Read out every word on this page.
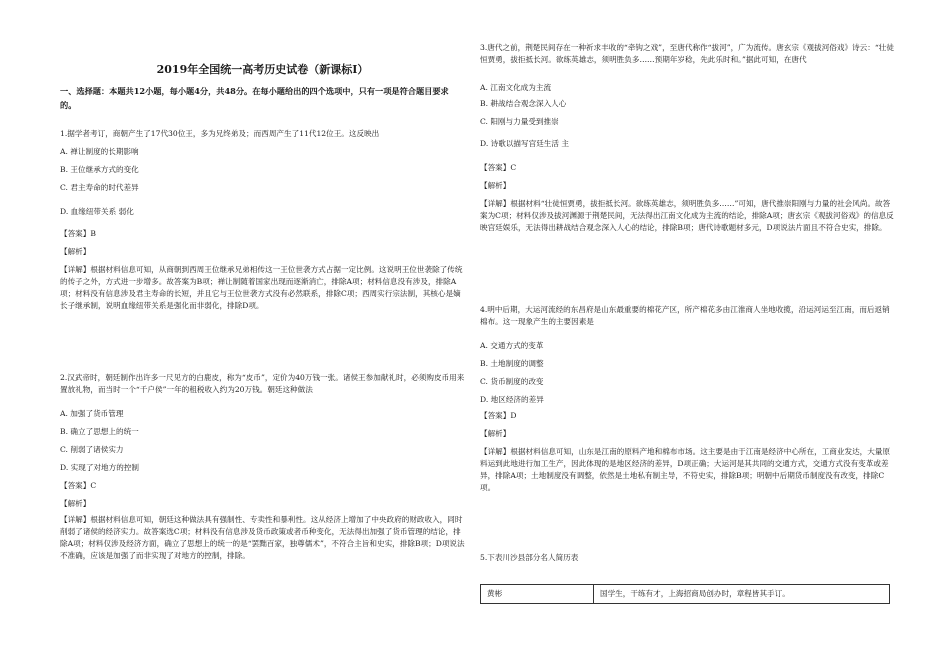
2019年全国统一高考历史试卷（新课标Ⅰ）

一、选择题：本题共12小题，每小题4分，共48分。在每小题给出的四个选项中，只有一项是符合题目要求的。

1.据学者考订，商朝产生了17代30位王，多为兄终弟及；而西周产生了11代12位王。这反映出

A. 禅让制度的长期影响

B. 王位继承方式的变化

C. 君主寿命的时代差异

D. 血缘纽带关系 弱化

【答案】B

【解析】

【详解】根据材料信息可知，从商朝到西周王位继承兄弟相传这一王位世袭方式占据一定比例。这说明王位世袭除了传统的传子之外，方式进一步增多。故答案为B项；禅让制随着国家出现而逐渐消亡，排除A项；材料信息没有涉及，排除A项；材料没有信息涉及君主寿命的长短，并且它与王位世袭方式没有必然联系，排除C项；西周实行宗法制，其核心是嫡长子继承制，说明血缘纽带关系是强化而非弱化，排除D项。

2.汉武帝时，朝廷制作出许多一尺见方的白鹿皮，称为“皮币”，定价为40万钱一张。诸侯王参加献礼时，必须购皮币用来置放礼物，而当时一个“千户侯”一年的租税收入约为20万钱。朝廷这种做法

A. 加强了货币管理

B. 确立了思想上的统一

C. 削弱了诸侯实力

D. 实现了对地方的控制

【答案】C

【解析】

【详解】根据材料信息可知，朝廷这种做法具有强制性、专卖性和暴利性。这从经济上增加了中央政府的财政收入，同时削弱了诸侯的经济实力。故答案选C项；材料没有信息涉及货币政策或者币种变化，无法得出加强了货币管理的结论，排除A项；材料仅涉及经济方面，确立了思想上的统一的是“罢黜百家，独尊儒术”，不符合主旨和史实，排除B项；D项说法不准确，应该是加强了而非实现了对地方的控制，排除。

3.唐代之前，荆楚民间存在一种祈求丰收的“牵钩之戏”，至唐代称作“拔河”，广为流传。唐玄宗《观拔河俗戏》诗云：“壮徒恒贾勇，拔拒抵长河。欲练英雄志，须明胜负多……预期年岁稔，先此乐时和。”据此可知，在唐代

A. 江南文化成为主流

B. 耕战结合观念深入人心

C. 阳刚与力量受到推崇

D. 诗歌以描写宫廷生活 主

【答案】C

【解析】

【详解】根据材料“壮徒恒贾勇，拔拒抵长河。欲练英雄志，须明胜负多……”可知，唐代推崇阳刚与力量的社会风尚。故答案为C项；材料仅涉及拔河渊源于荆楚民间，无法得出江南文化成为主流的结论，排除A项；唐玄宗《观拔河俗戏》的信息反映宫廷娱乐，无法得出耕战结合观念深入人心的结论，排除B项；唐代诗歌题材多元，D项说法片面且不符合史实，排除。

4.明中后期，大运河流经的东昌府是山东最重要的棉花产区，所产棉花多由江淮商人坐地收揽，沿运河运至江南，而后返销棉布。这一现象产生的主要因素是

A. 交通方式的变革

B. 土地制度的调整

C. 货币制度的改变

D. 地区经济的差异

【答案】D

【解析】

【详解】根据材料信息可知，山东是江南的原料产地和棉布市场。这主要是由于江南是经济中心所在，工商业发达，大量原料运到此地进行加工生产，因此体现的是地区经济的差异，D项正确；大运河是其共同的交通方式，交通方式没有变革或差异，排除A项；土地制度没有调整，依然是土地私有制主导，不符史实，排除B项；明朝中后期货币制度没有改变，排除C项。

5.下表川沙县部分名人简历表

黄彬	国学生，干练有才，上海招商局创办时，章程皆其手订。
